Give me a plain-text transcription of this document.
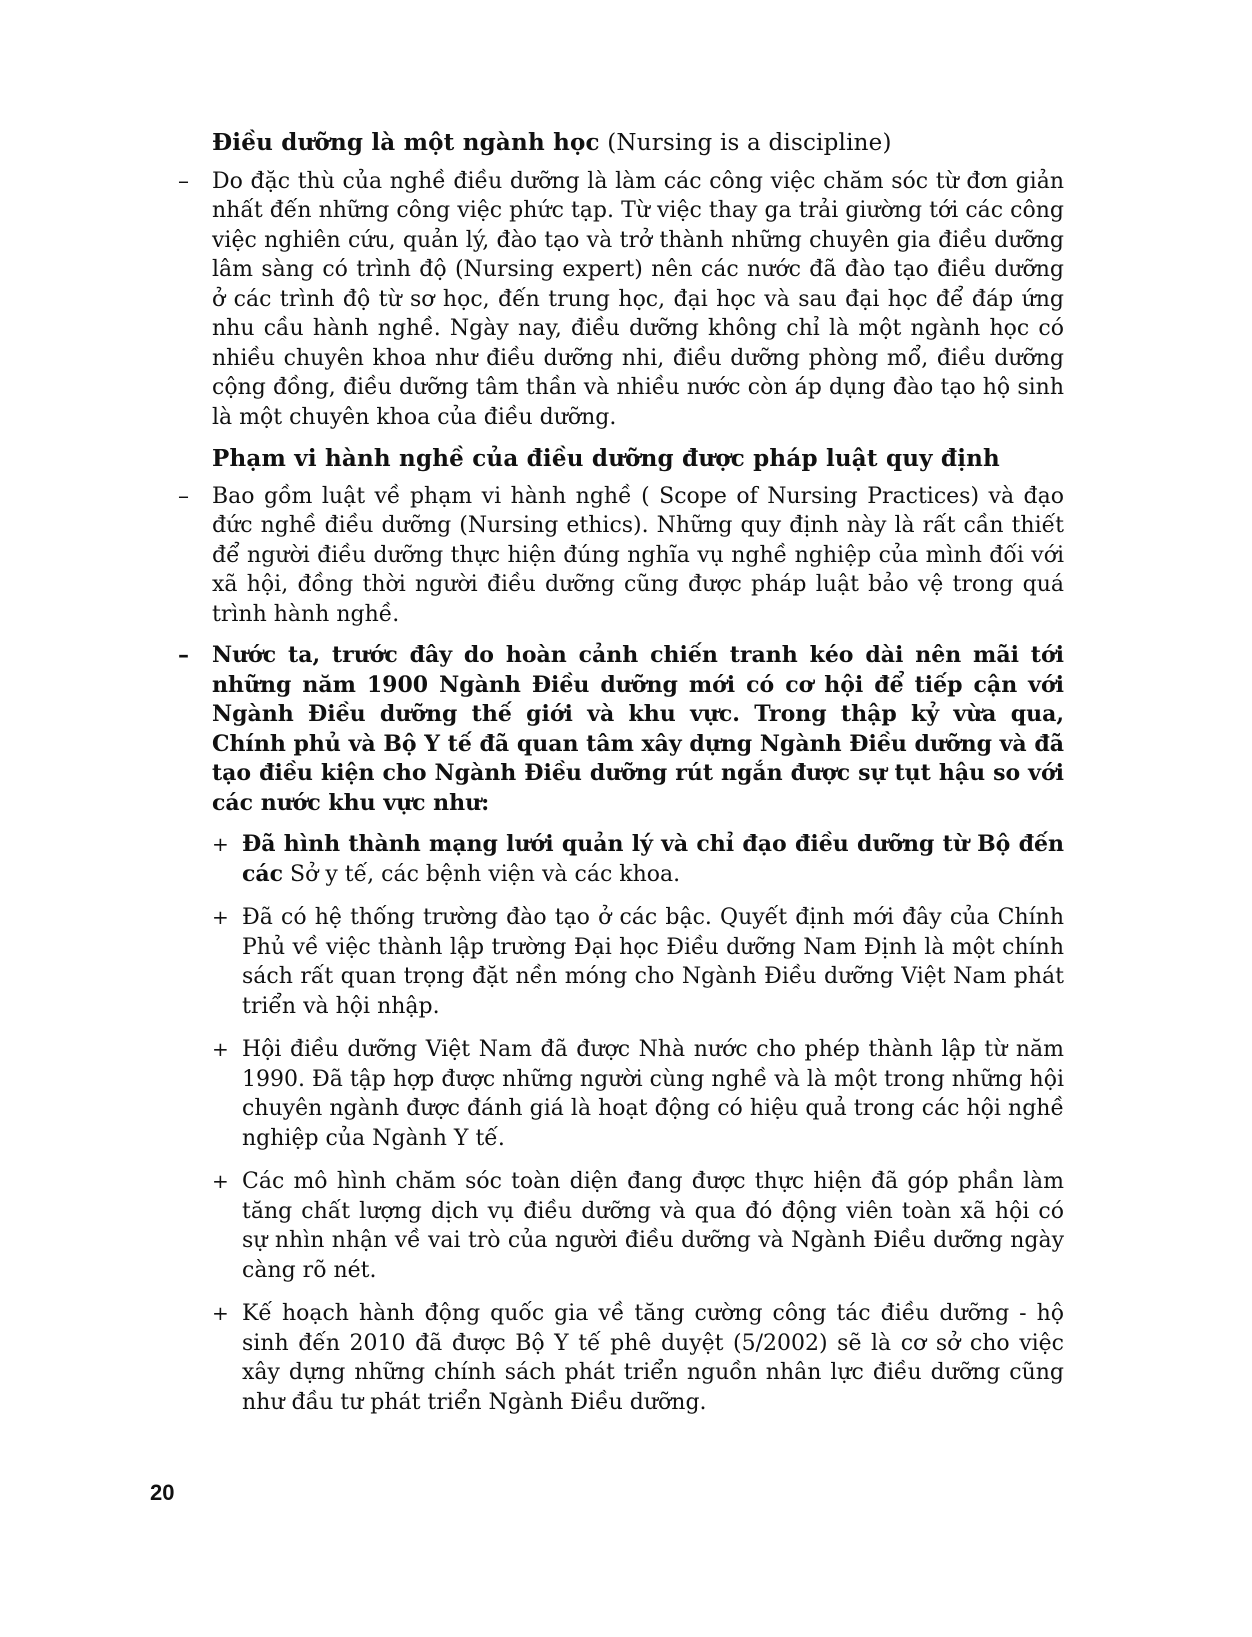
Điều dưỡng là một ngành học (Nursing is a discipline)

– Do đặc thù của nghề điều dưỡng là làm các công việc chăm sóc từ đơn giản nhất đến những công việc phức tạp. Từ việc thay ga trải giường tới các công việc nghiên cứu, quản lý, đào tạo và trở thành những chuyên gia điều dưỡng lâm sàng có trình độ (Nursing expert) nên các nước đã đào tạo điều dưỡng ở các trình độ từ sơ học, đến trung học, đại học và sau đại học để đáp ứng nhu cầu hành nghề. Ngày nay, điều dưỡng không chỉ là một ngành học có nhiều chuyên khoa như điều dưỡng nhi, điều dưỡng phòng mổ, điều dưỡng cộng đồng, điều dưỡng tâm thần và nhiều nước còn áp dụng đào tạo hộ sinh là một chuyên khoa của điều dưỡng.

Phạm vi hành nghề của điều dưỡng được pháp luật quy định

– Bao gồm luật về phạm vi hành nghề ( Scope of Nursing Practices) và đạo đức nghề điều dưỡng (Nursing ethics). Những quy định này là rất cần thiết để người điều dưỡng thực hiện đúng nghĩa vụ nghề nghiệp của mình đối với xã hội, đồng thời người điều dưỡng cũng được pháp luật bảo vệ trong quá trình hành nghề.
– Nước ta, trước đây do hoàn cảnh chiến tranh kéo dài nên mãi tới những năm 1900 Ngành Điều dưỡng mới có cơ hội để tiếp cận với Ngành Điều dưỡng thế giới và khu vực. Trong thập kỷ vừa qua, Chính phủ và Bộ Y tế đã quan tâm xây dựng Ngành Điều dưỡng và đã tạo điều kiện cho Ngành Điều dưỡng rút ngắn được sự tụt hậu so với các nước khu vực như:
+ Đã hình thành mạng lưới quản lý và chỉ đạo điều dưỡng từ Bộ đến các Sở y tế, các bệnh viện và các khoa.
+ Đã có hệ thống trường đào tạo ở các bậc. Quyết định mới đây của Chính Phủ về việc thành lập trường Đại học Điều dưỡng Nam Định là một chính sách rất quan trọng đặt nền móng cho Ngành Điều dưỡng Việt Nam phát triển và hội nhập.
+ Hội điều dưỡng Việt Nam đã được Nhà nước cho phép thành lập từ năm 1990. Đã tập hợp được những người cùng nghề và là một trong những hội chuyên ngành được đánh giá là hoạt động có hiệu quả trong các hội nghề nghiệp của Ngành Y tế.
+ Các mô hình chăm sóc toàn diện đang được thực hiện đã góp phần làm tăng chất lượng dịch vụ điều dưỡng và qua đó động viên toàn xã hội có sự nhìn nhận về vai trò của người điều dưỡng và Ngành Điều dưỡng ngày càng rõ nét.
+ Kế hoạch hành động quốc gia về tăng cường công tác điều dưỡng - hộ sinh đến 2010 đã được Bộ Y tế phê duyệt (5/2002) sẽ là cơ sở cho việc xây dựng những chính sách phát triển nguồn nhân lực điều dưỡng cũng như đầu tư phát triển Ngành Điều dưỡng.
20
